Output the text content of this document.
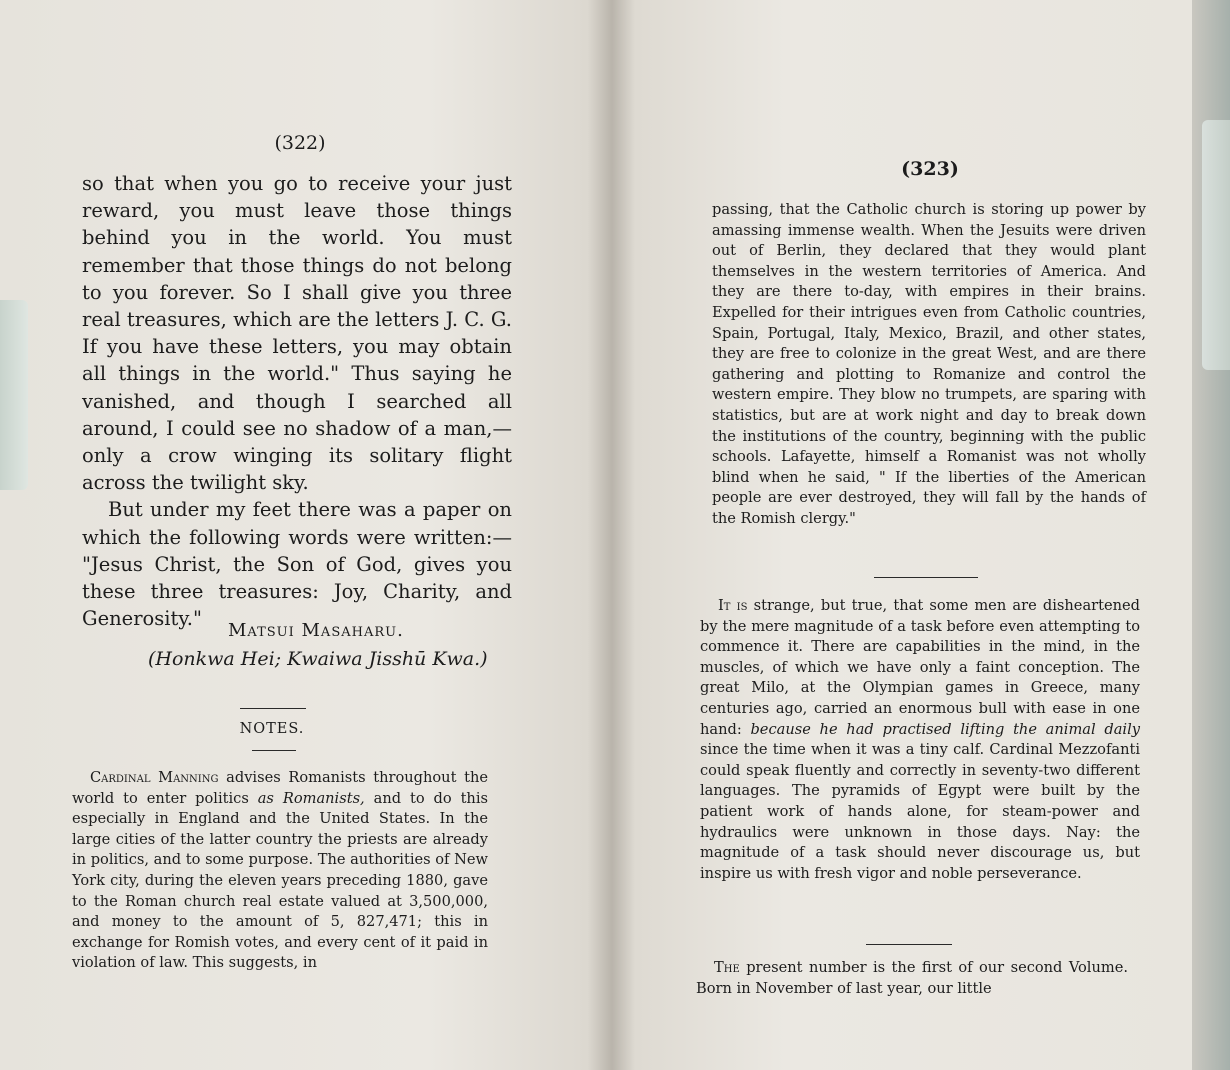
(322)

so that when you go to receive your just reward, you must leave those things behind you in the world. You must remember that those things do not belong to you forever. So I shall give you three real treasures, which are the letters J. C. G. If you have these letters, you may obtain all things in the world." Thus saying he vanished, and though I searched all around, I could see no shadow of a man,—only a crow winging its solitary flight across the twilight sky.

But under my feet there was a paper on which the following words were written:— "Jesus Christ, the Son of God, gives you these three treasures: Joy, Charity, and Generosity."

Matsui Masaharu.
(Honkwa Hei; Kwaiwa Jisshū Kwa.)
NOTES.

Cardinal Manning advises Romanists throughout the world to enter politics as Romanists, and to do this especially in England and the United States. In the large cities of the latter country the priests are already in politics, and to some purpose. The authorities of New York city, during the eleven years preceding 1880, gave to the Roman church real estate valued at 3,500,000, and money to the amount of 5, 827,471; this in exchange for Romish votes, and every cent of it paid in violation of law. This suggests, in

(323)

passing, that the Catholic church is storing up power by amassing immense wealth. When the Jesuits were driven out of Berlin, they declared that they would plant themselves in the western territories of America. And they are there to-day, with empires in their brains. Expelled for their intrigues even from Catholic countries, Spain, Portugal, Italy, Mexico, Brazil, and other states, they are free to colonize in the great West, and are there gathering and plotting to Romanize and control the western empire. They blow no trumpets, are sparing with statistics, but are at work night and day to break down the institutions of the country, beginning with the public schools. Lafayette, himself a Romanist was not wholly blind when he said, " If the liberties of the American people are ever destroyed, they will fall by the hands of the Romish clergy."

It is strange, but true, that some men are disheartened by the mere magnitude of a task before even attempting to commence it. There are capabilities in the mind, in the muscles, of which we have only a faint conception. The great Milo, at the Olympian games in Greece, many centuries ago, carried an enormous bull with ease in one hand: because he had practised lifting the animal daily since the time when it was a tiny calf. Cardinal Mezzofanti could speak fluently and correctly in seventy-two different languages. The pyramids of Egypt were built by the patient work of hands alone, for steam-power and hydraulics were unknown in those days. Nay: the magnitude of a task should never discourage us, but inspire us with fresh vigor and noble perseverance.

The present number is the first of our second Volume. Born in November of last year, our little
